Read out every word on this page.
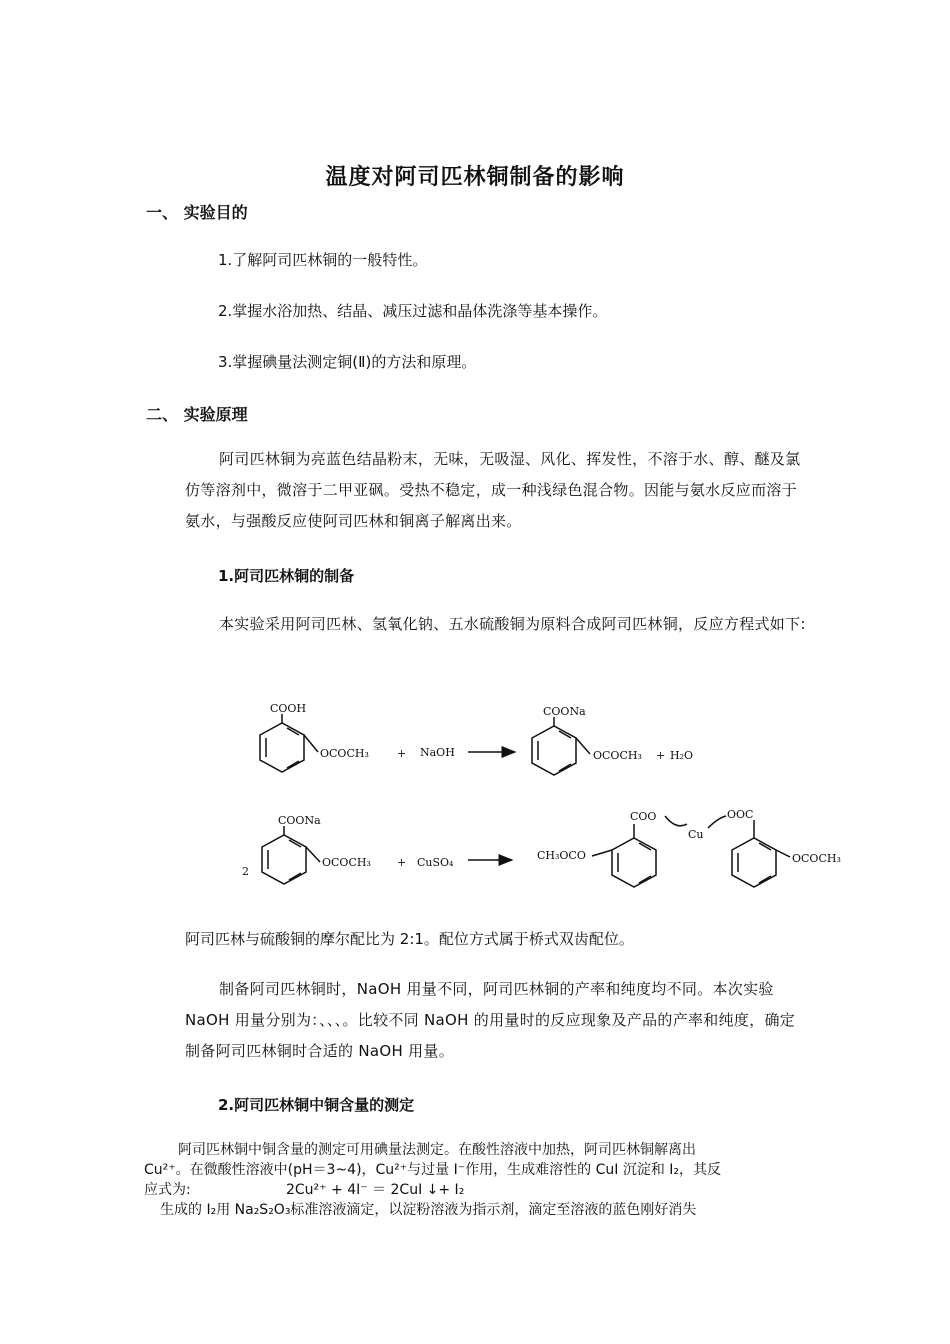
温度对阿司匹林铜制备的影响
一、 实验目的
1.了解阿司匹林铜的一般特性。
2.掌握水浴加热、结晶、减压过滤和晶体洗涤等基本操作。
3.掌握碘量法测定铜(Ⅱ)的方法和原理。
二、 实验原理
阿司匹林铜为亮蓝色结晶粉末，无味，无吸湿、风化、挥发性，不溶于水、醇、醚及氯仿等溶剂中，微溶于二甲亚砜。受热不稳定，成一种浅绿色混合物。因能与氨水反应而溶于氨水，与强酸反应使阿司匹林和铜离子解离出来。
1.阿司匹林铜的制备
本实验采用阿司匹林、氢氧化钠、五水硫酸铜为原料合成阿司匹林铜，反应方程式如下:
COOH
OCOCH₃	+ NaOH
COONa
OCOCH₃ + H₂O
2
COONa
OCOCH₃ + CuSO₄
CH₃OCO
COO
Cu
OOC
OCOCH₃
阿司匹林与硫酸铜的摩尔配比为 2:1。配位方式属于桥式双齿配位。
制备阿司匹林铜时，NaOH 用量不同，阿司匹林铜的产率和纯度均不同。本次实验 NaOH 用量分别为：、、、。比较不同 NaOH 的用量时的反应现象及产品的产率和纯度，确定制备阿司匹林铜时合适的 NaOH 用量。
2.阿司匹林铜中铜含量的测定
阿司匹林铜中铜含量的测定可用碘量法测定。在酸性溶液中加热，阿司匹林铜解离出
Cu²⁺。在微酸性溶液中(pH＝3~4)，Cu²⁺与过量 I⁻作用，生成难溶性的 CuI 沉淀和 I₂，其反
应式为:	2Cu²⁺ + 4I⁻ ＝ 2CuI ↓+ I₂
生成的 I₂用 Na₂S₂O₃标准溶液滴定，以淀粉溶液为指示剂，滴定至溶液的蓝色刚好消失
